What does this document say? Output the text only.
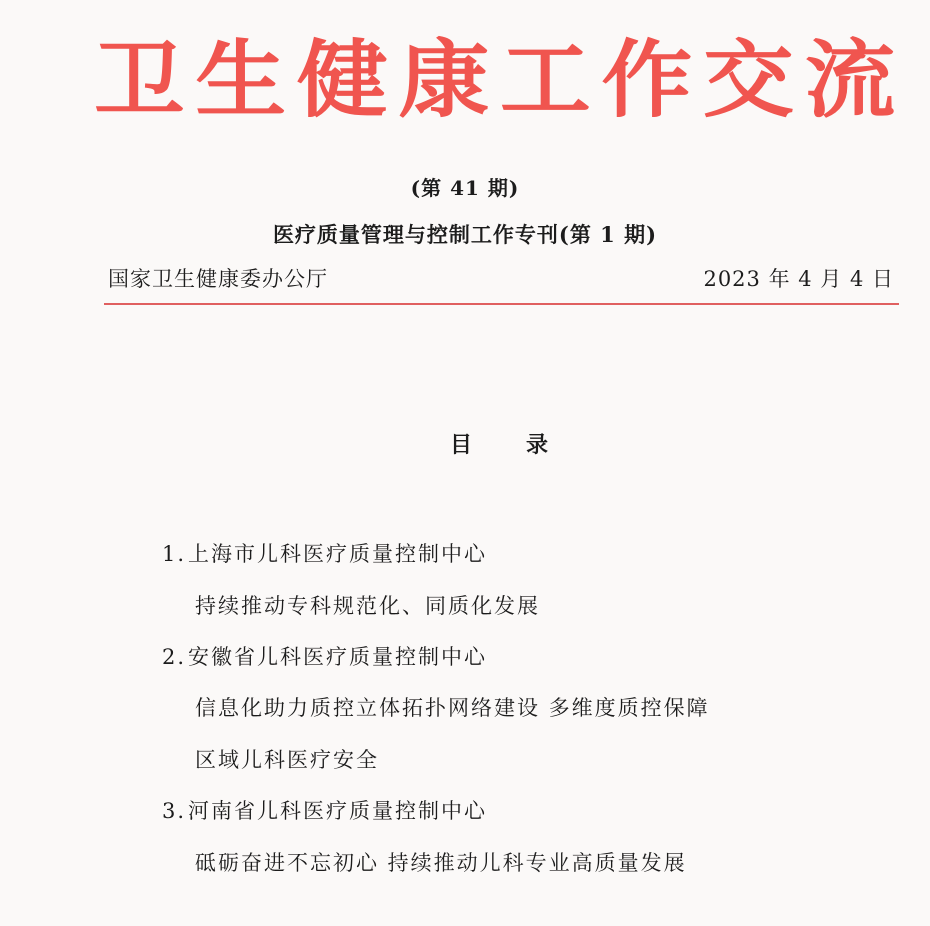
卫生健康工作交流
(第 41 期)
医疗质量管理与控制工作专刊(第 1 期)
国家卫生健康委办公厅	2023 年 4 月 4 日
目录
1.上海市儿科医疗质量控制中心
持续推动专科规范化、同质化发展
2.安徽省儿科医疗质量控制中心
信息化助力质控立体拓扑网络建设 多维度质控保障
区域儿科医疗安全
3.河南省儿科医疗质量控制中心
砥砺奋进不忘初心 持续推动儿科专业高质量发展
